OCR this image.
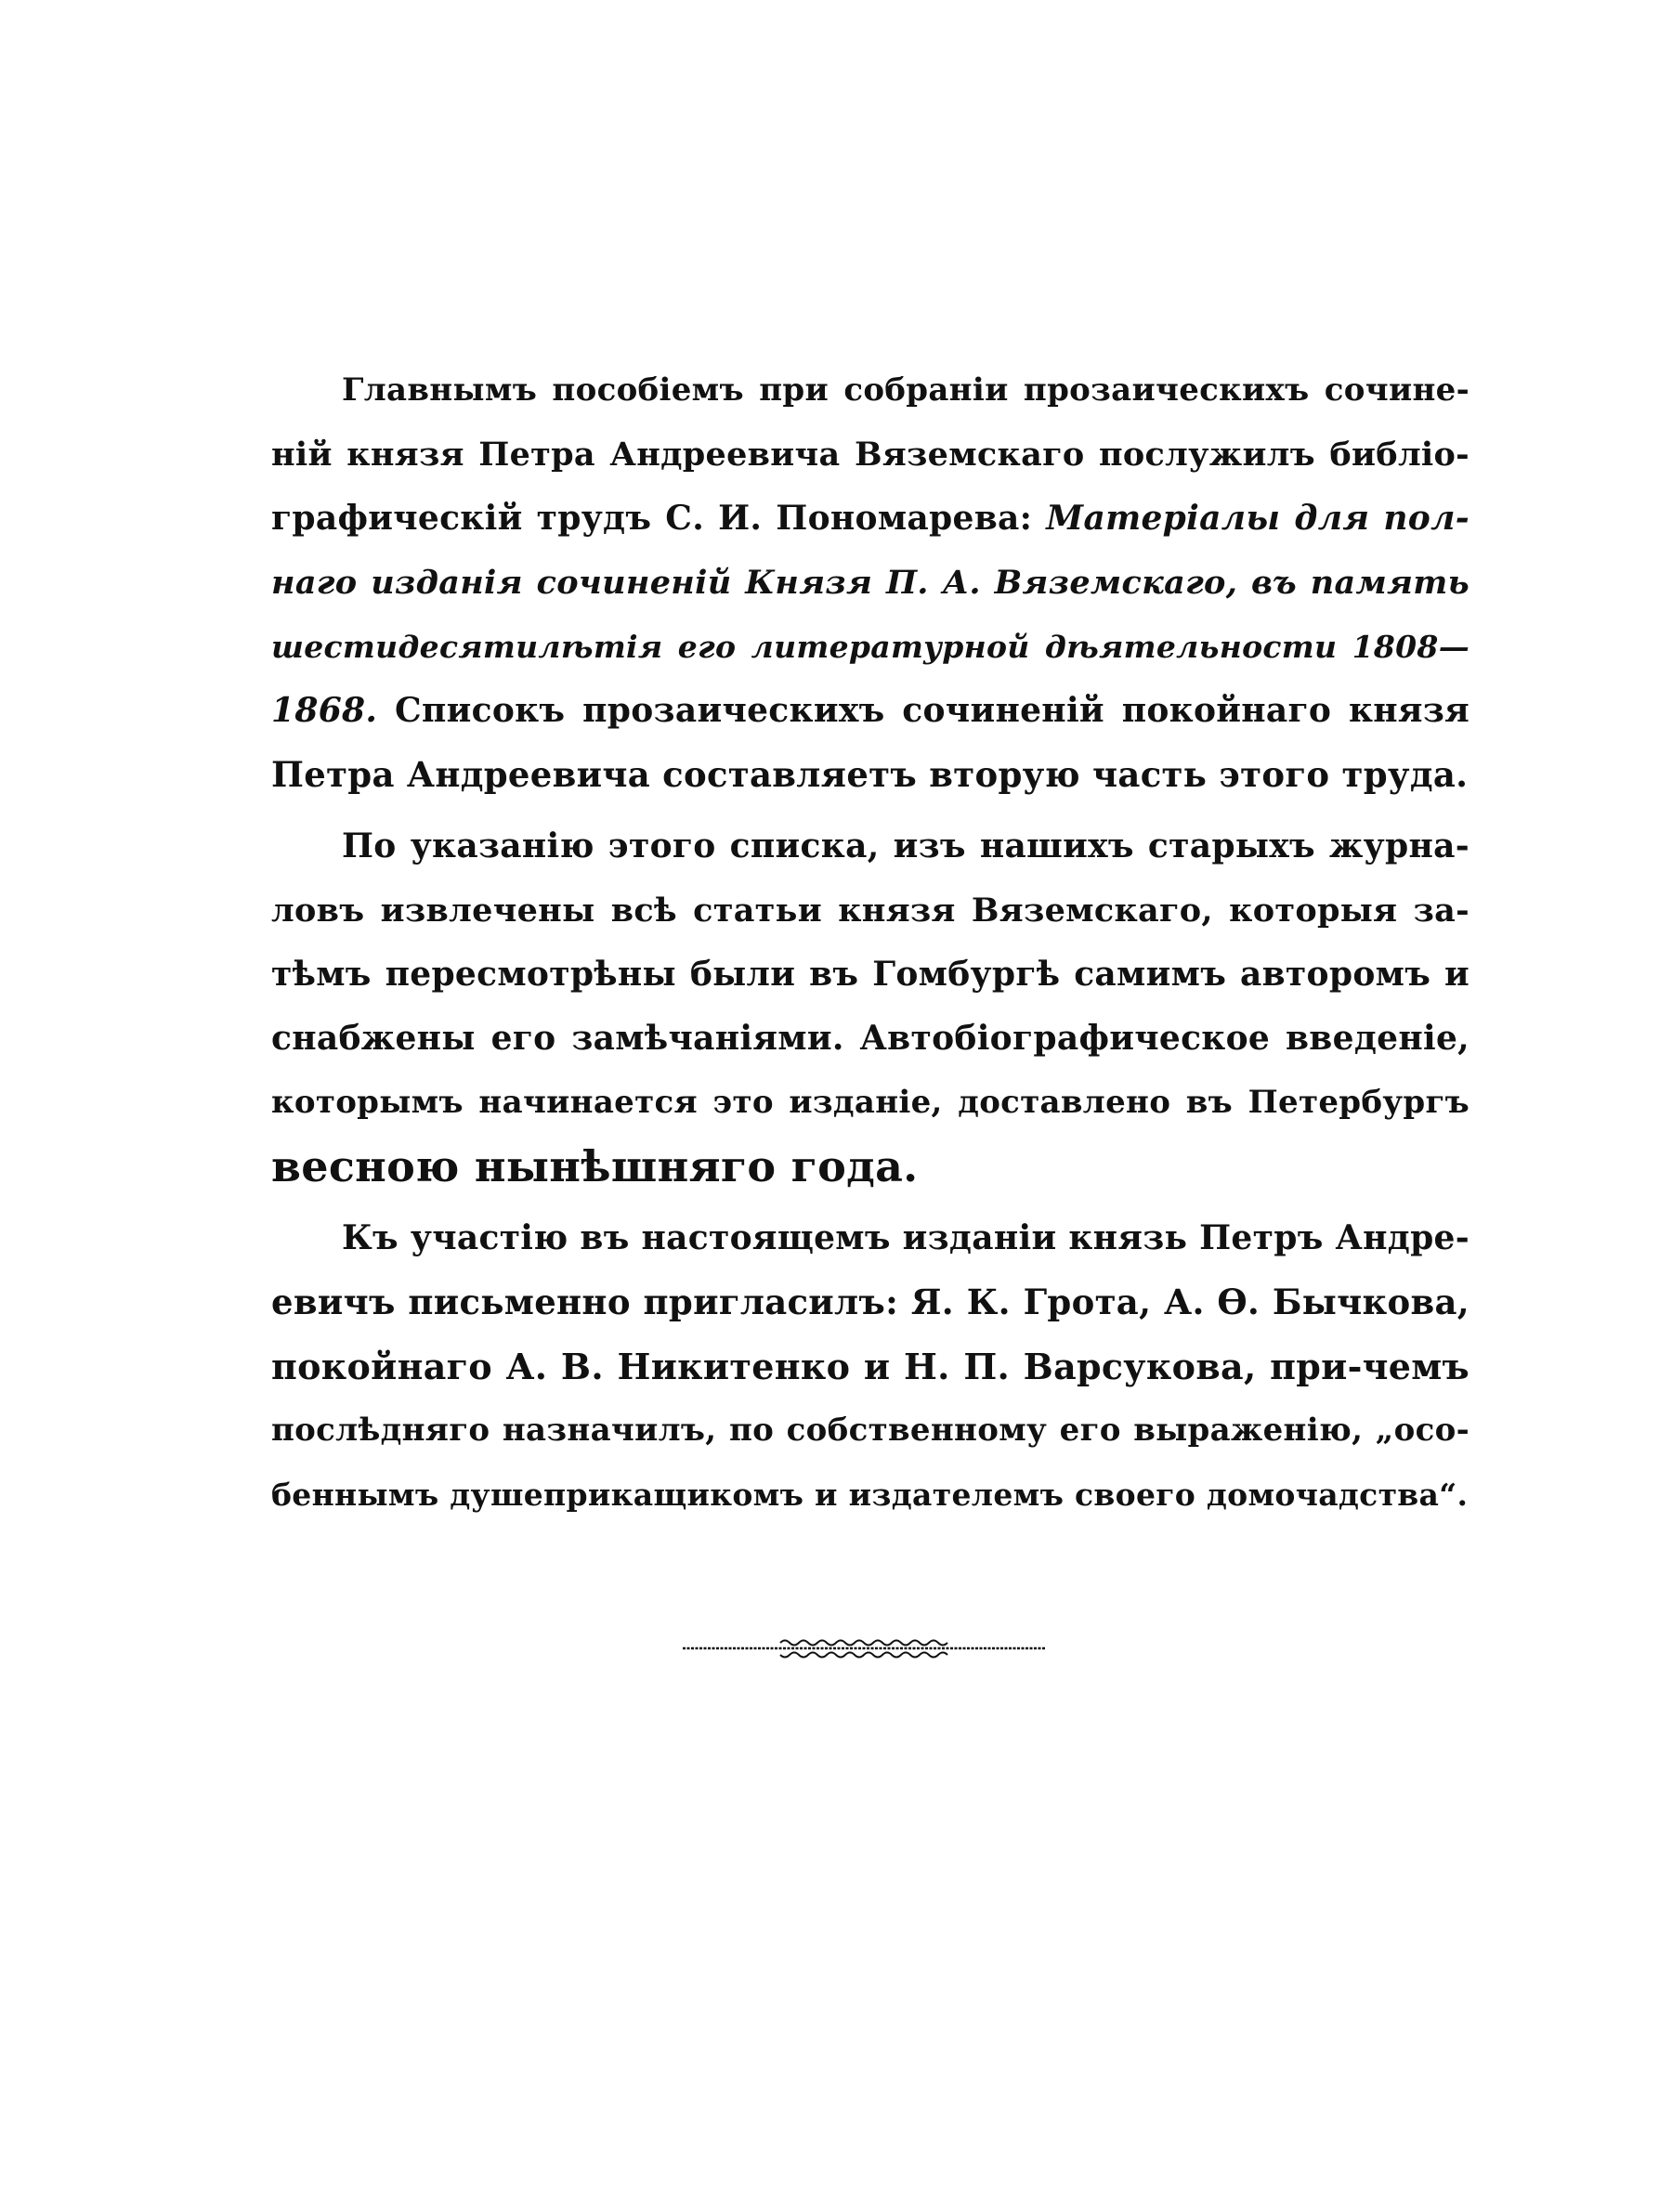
Главнымъ пособіемъ при собраніи прозаическихъ сочине-
ній князя Петра Андреевича Вяземскаго послужилъ библіо-
графическій трудъ С. И. Пономарева: Матеріалы для пол-
наго изданія сочиненій Князя П. А. Вяземскаго, въ память
шестидесятилѣтія его литературной дѣятельности 1808—
1868. Списокъ прозаическихъ сочиненій покойнаго князя
Петра Андреевича составляетъ вторую часть этого труда.
По указанію этого списка, изъ нашихъ старыхъ журна-
ловъ извлечены всѣ статьи князя Вяземскаго, которыя за-
тѣмъ пересмотрѣны были въ Гомбургѣ самимъ авторомъ и
снабжены его замѣчаніями. Автобіографическое введеніе,
которымъ начинается это изданіе, доставлено въ Петербургъ
весною нынѣшняго года.
Къ участію въ настоящемъ изданіи князь Петръ Андре-
евичъ письменно пригласилъ: Я. К. Грота, А. Ѳ. Бычкова,
покойнаго А. В. Никитенко и Н. П. Варсукова, при-чемъ
послѣдняго назначилъ, по собственному его выраженію, „осо-
беннымъ душеприкащикомъ и издателемъ своего домочадства“.
